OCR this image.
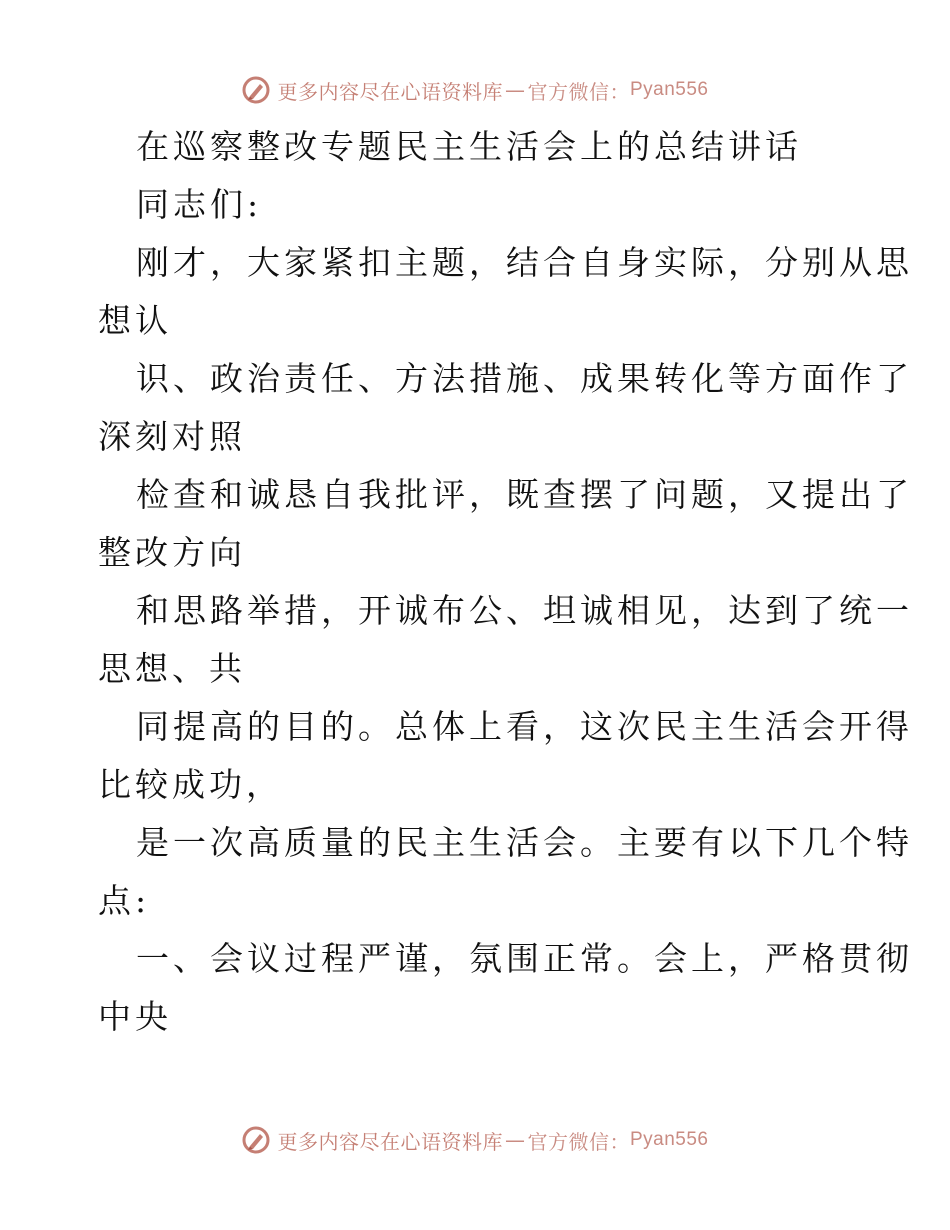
更多内容尽在心语资料库 — 官方微信： Pyan556
在巡察整改专题民主生活会上的总结讲话
同志们:
刚才，大家紧扣主题，结合自身实际，分别从思
想认
识、政治责任、方法措施、成果转化等方面作了
深刻对照
检查和诚恳自我批评，既查摆了问题，又提出了
整改方向
和思路举措，开诚布公、坦诚相见，达到了统一
思想、共
同提高的目的。总体上看，这次民主生活会开得
比较成功，
是一次高质量的民主生活会。主要有以下几个特
点:
一、会议过程严谨，氛围正常。会上，严格贯彻
中央
更多内容尽在心语资料库 — 官方微信： Pyan556
